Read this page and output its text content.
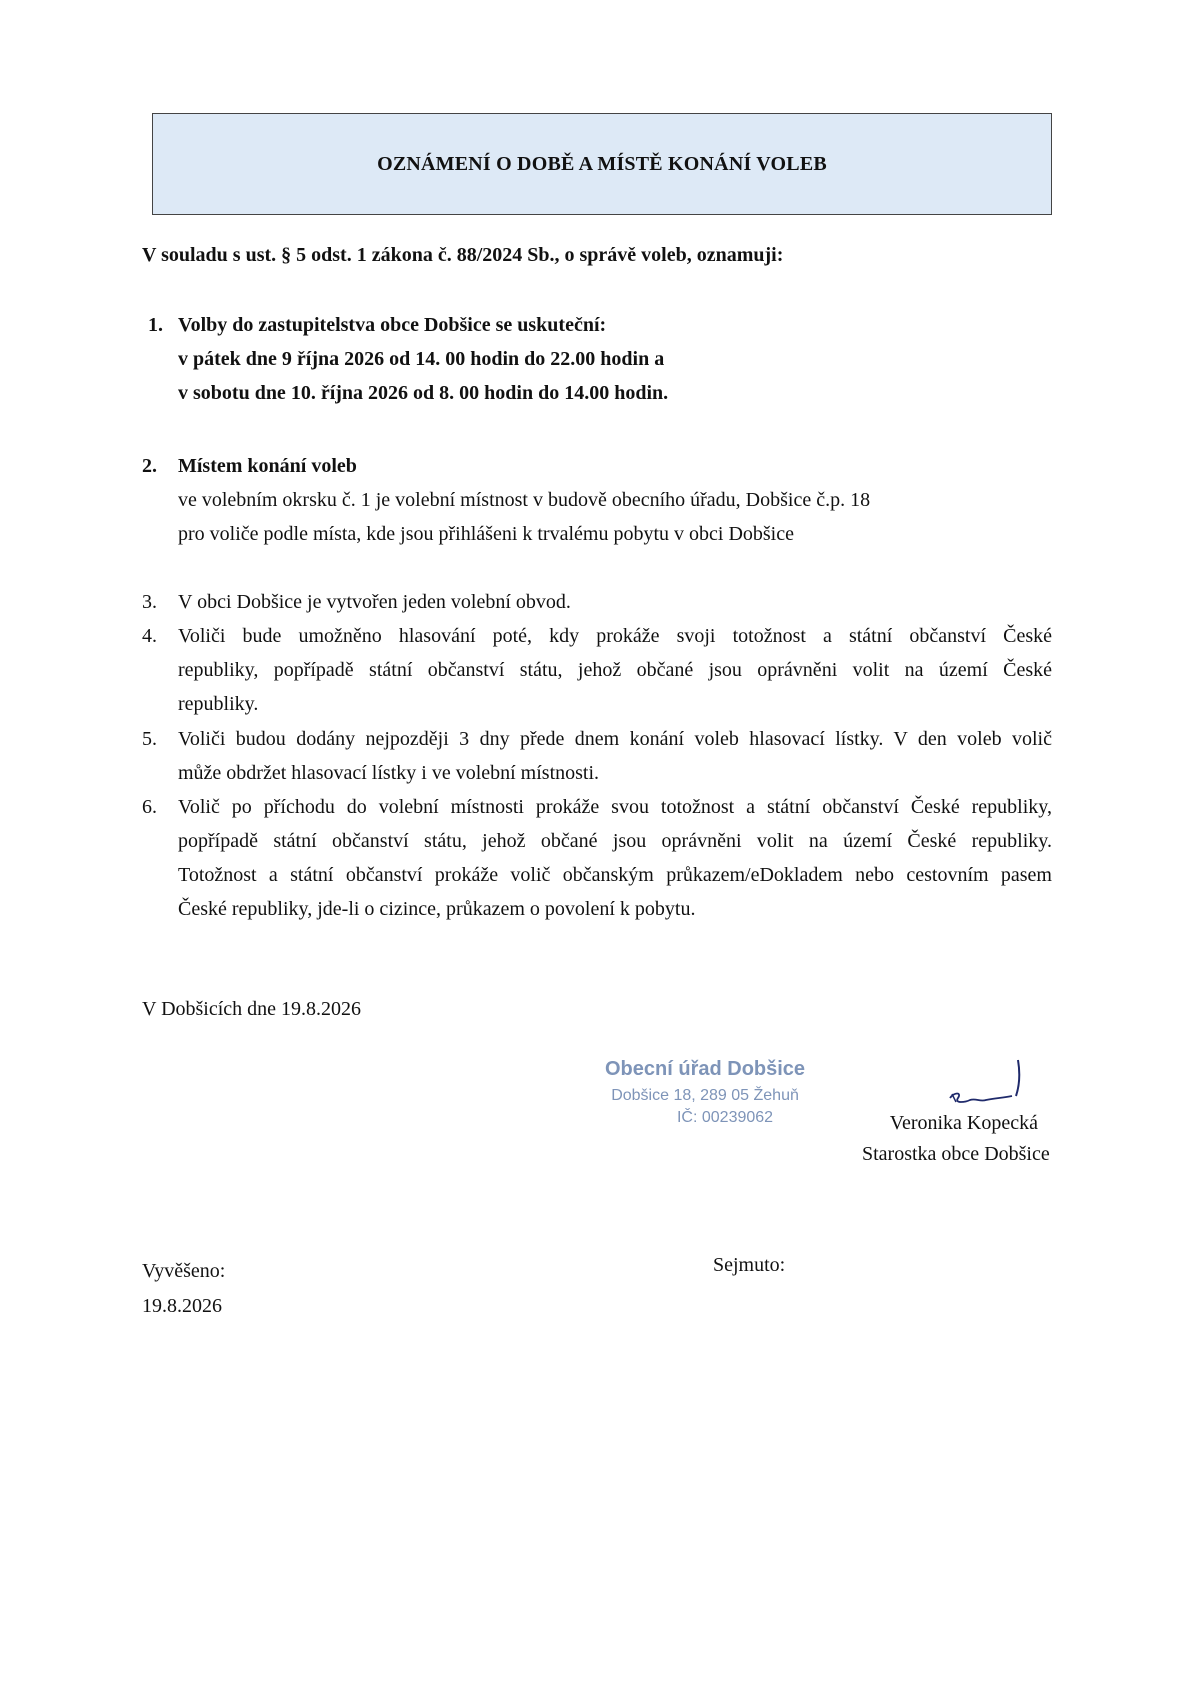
OZNÁMENÍ O DOBĚ A MÍSTĚ KONÁNÍ VOLEB
V souladu s ust. § 5 odst. 1 zákona č. 88/2024 Sb., o správě voleb, oznamuji:
1. Volby do zastupitelstva obce Dobšice se uskuteční:
v pátek dne 9 října 2026 od 14. 00 hodin do 22.00 hodin a
v sobotu dne 10. října 2026 od 8. 00 hodin do 14.00 hodin.
2. Místem konání voleb
ve volebním okrsku č. 1 je volební místnost v budově obecního úřadu, Dobšice č.p. 18
pro voliče podle místa, kde jsou přihlášeni k trvalému pobytu v obci Dobšice
3. V obci Dobšice je vytvořen jeden volební obvod.
4. Voliči bude umožněno hlasování poté, kdy prokáže svoji totožnost a státní občanství České
republiky, popřípadě státní občanství státu, jehož občané jsou oprávněni volit na území České
republiky.
5. Voliči budou dodány nejpozději 3 dny přede dnem konání voleb hlasovací lístky. V den voleb volič
může obdržet hlasovací lístky i ve volební místnosti.
6. Volič po příchodu do volební místnosti prokáže svou totožnost a státní občanství České republiky,
popřípadě státní občanství státu, jehož občané jsou oprávněni volit na území České republiky.
Totožnost a státní občanství prokáže volič občanským průkazem/eDokladem nebo cestovním pasem
České republiky, jde-li o cizince, průkazem o povolení k pobytu.
V Dobšicích dne 19.8.2026
Obecní úřad Dobšice
Dobšice 18, 289 05 Žehuň
IČ: 00239062	Veronika Kopecká
Starostka obce Dobšice
Vyvěšeno:
19.8.2026
Sejmuto:
